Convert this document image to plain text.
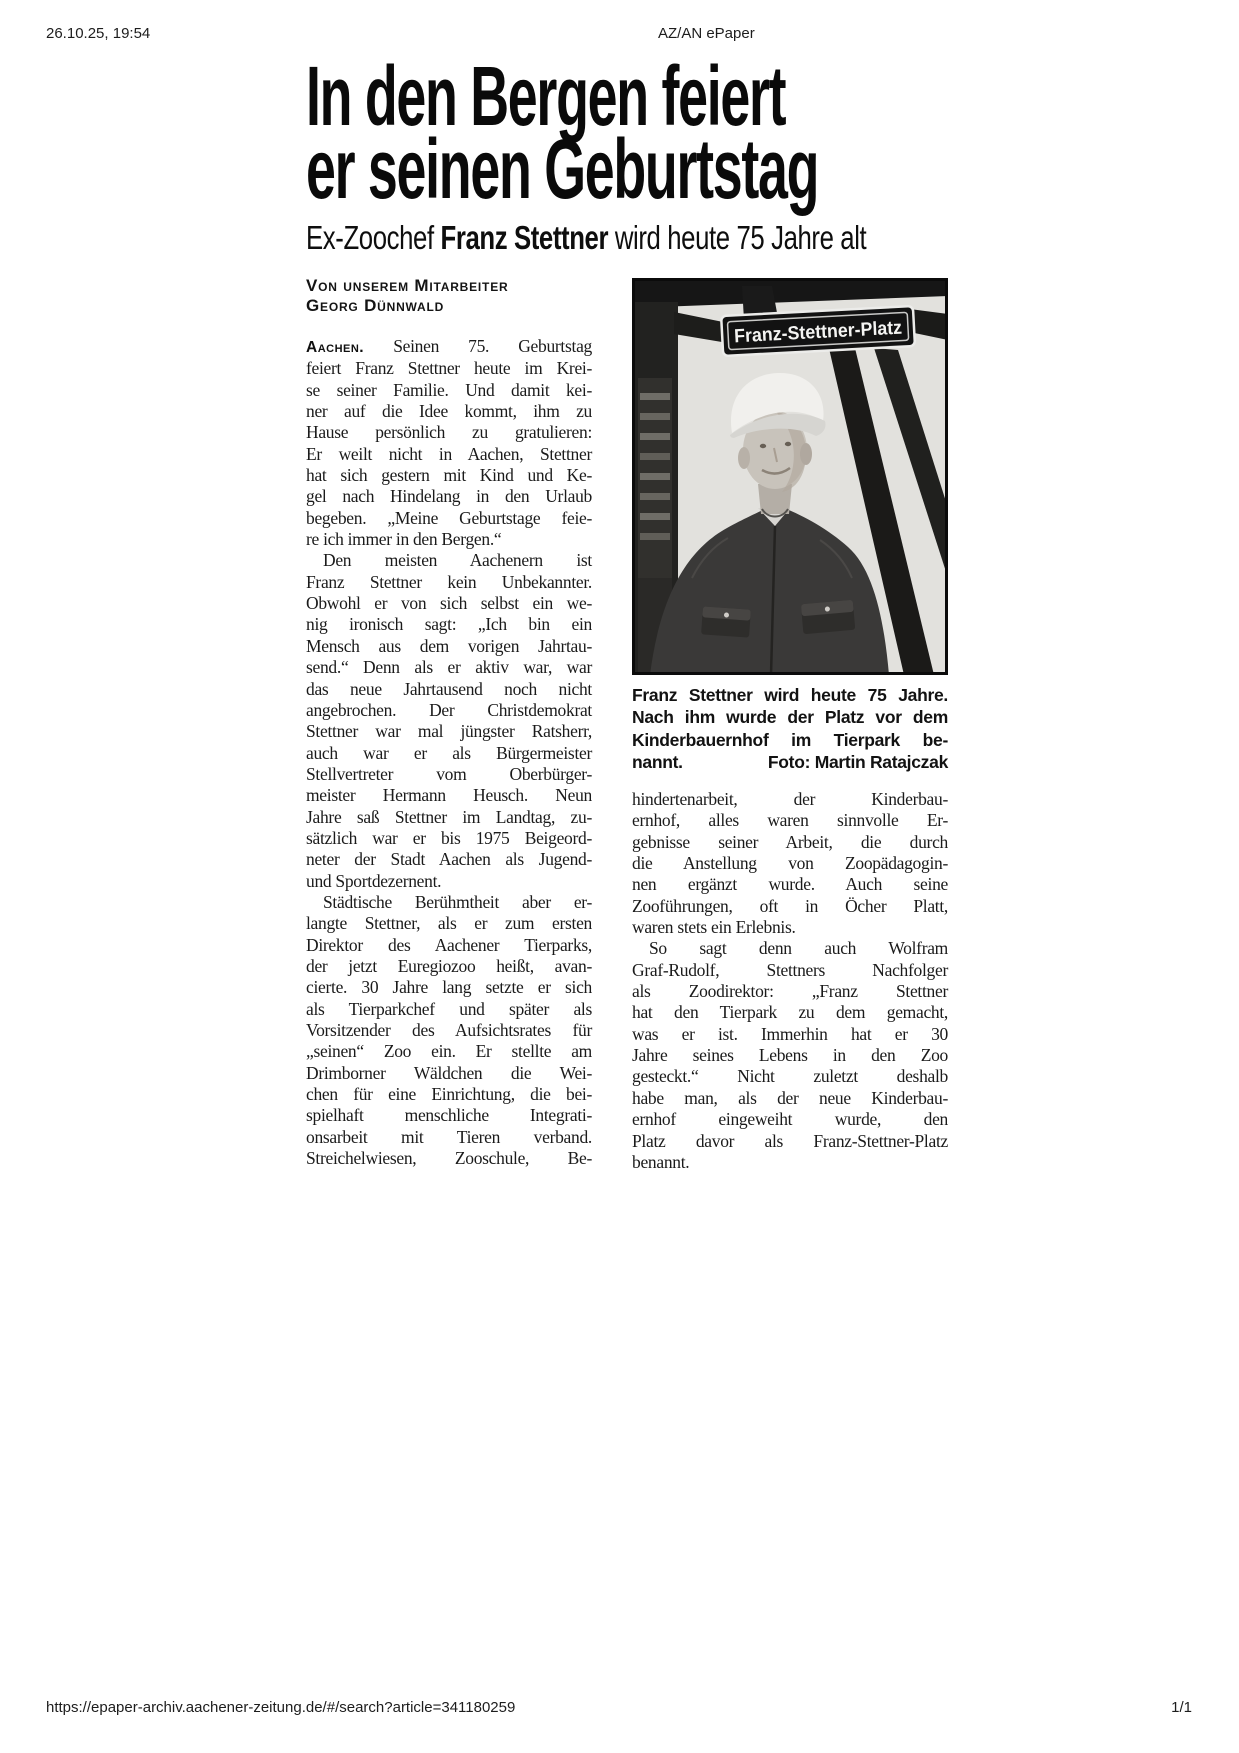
26.10.25, 19:54	AZ/AN ePaper
In den Bergen feiert
er seinen Geburtstag
Ex-Zoochef Franz Stettner wird heute 75 Jahre alt
Von unserem Mitarbeiter
Georg Dünnwald
Aachen. Seinen 75. Geburtstag
feiert Franz Stettner heute im Krei-
se seiner Familie. Und damit kei-
ner auf die Idee kommt, ihm zu
Hause persönlich zu gratulieren:
Er weilt nicht in Aachen, Stettner
hat sich gestern mit Kind und Ke-
gel nach Hindelang in den Urlaub
begeben. „Meine Geburtstage feie-
re ich immer in den Bergen.“
Den meisten Aachenern ist
Franz Stettner kein Unbekannter.
Obwohl er von sich selbst ein we-
nig ironisch sagt: „Ich bin ein
Mensch aus dem vorigen Jahrtau-
send.“ Denn als er aktiv war, war
das neue Jahrtausend noch nicht
angebrochen. Der Christdemokrat
Stettner war mal jüngster Ratsherr,
auch war er als Bürgermeister
Stellvertreter vom Oberbürger-
meister Hermann Heusch. Neun
Jahre saß Stettner im Landtag, zu-
sätzlich war er bis 1975 Beigeord-
neter der Stadt Aachen als Jugend-
und Sportdezernent.
Städtische Berühmtheit aber er-
langte Stettner, als er zum ersten
Direktor des Aachener Tierparks,
der jetzt Euregiozoo heißt, avan-
cierte. 30 Jahre lang setzte er sich
als Tierparkchef und später als
Vorsitzender des Aufsichtsrates für
„seinen“ Zoo ein. Er stellte am
Drimborner Wäldchen die Wei-
chen für eine Einrichtung, die bei-
spielhaft menschliche Integrati-
onsarbeit mit Tieren verband.
Streichelwiesen, Zooschule, Be-
Franz-Stettner-Platz
Franz Stettner wird heute 75 Jahre.
Nach ihm wurde der Platz vor dem
Kinderbauernhof im Tierpark be-
nannt.	Foto: Martin Ratajczak
hindertenarbeit, der Kinderbau-
ernhof, alles waren sinnvolle Er-
gebnisse seiner Arbeit, die durch
die Anstellung von Zoopädagogin-
nen ergänzt wurde. Auch seine
Zooführungen, oft in Öcher Platt,
waren stets ein Erlebnis.
So sagt denn auch Wolfram
Graf-Rudolf, Stettners Nachfolger
als Zoodirektor: „Franz Stettner
hat den Tierpark zu dem gemacht,
was er ist. Immerhin hat er 30
Jahre seines Lebens in den Zoo
gesteckt.“ Nicht zuletzt deshalb
habe man, als der neue Kinderbau-
ernhof eingeweiht wurde, den
Platz davor als Franz-Stettner-Platz
benannt.
https://epaper-archiv.aachener-zeitung.de/#/search?article=341180259	1/1
